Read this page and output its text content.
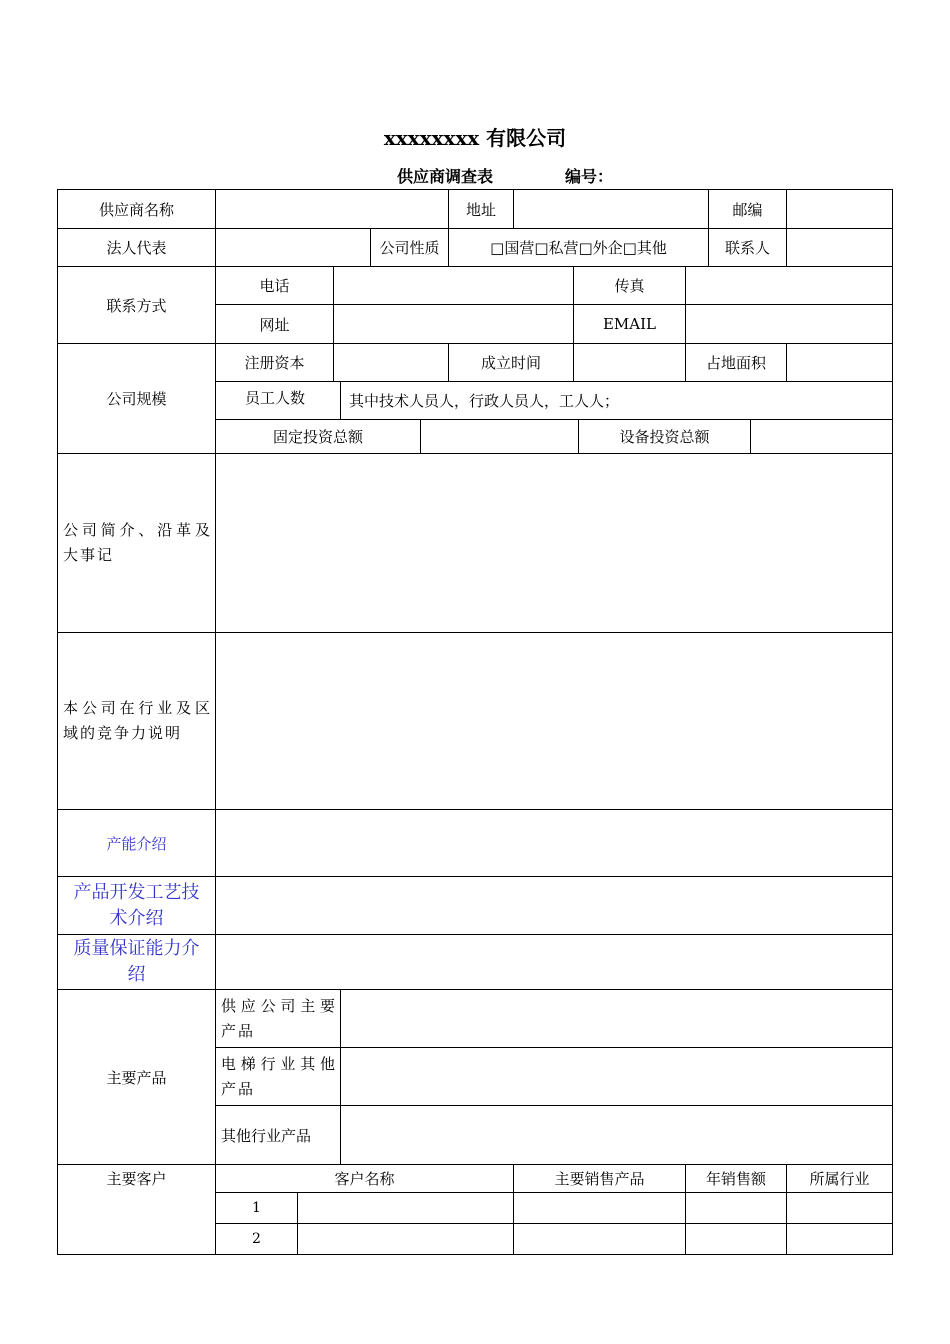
xxxxxxxx 有限公司
供应商调查表	编号：
供应商名称	地址	邮编
法人代表	公司性质	□国营□私营□外企□其他	联系人
联系方式
电话	传真
网址	EMAIL
公司规模
注册资本	成立时间	占地面积
员工人数	其中技术人员人，行政人员人，工人人；
固定投资总额	设备投资总额
公司简介、沿革及大事记
本公司在行业及区域的竞争力说明
产能介绍
产品开发工艺技术介绍
质量保证能力介绍
主要产品
供应公司主要产品
电梯行业其他产品
其他行业产品
主要客户	客户名称	主要销售产品	年销售额	所属行业
1
2
